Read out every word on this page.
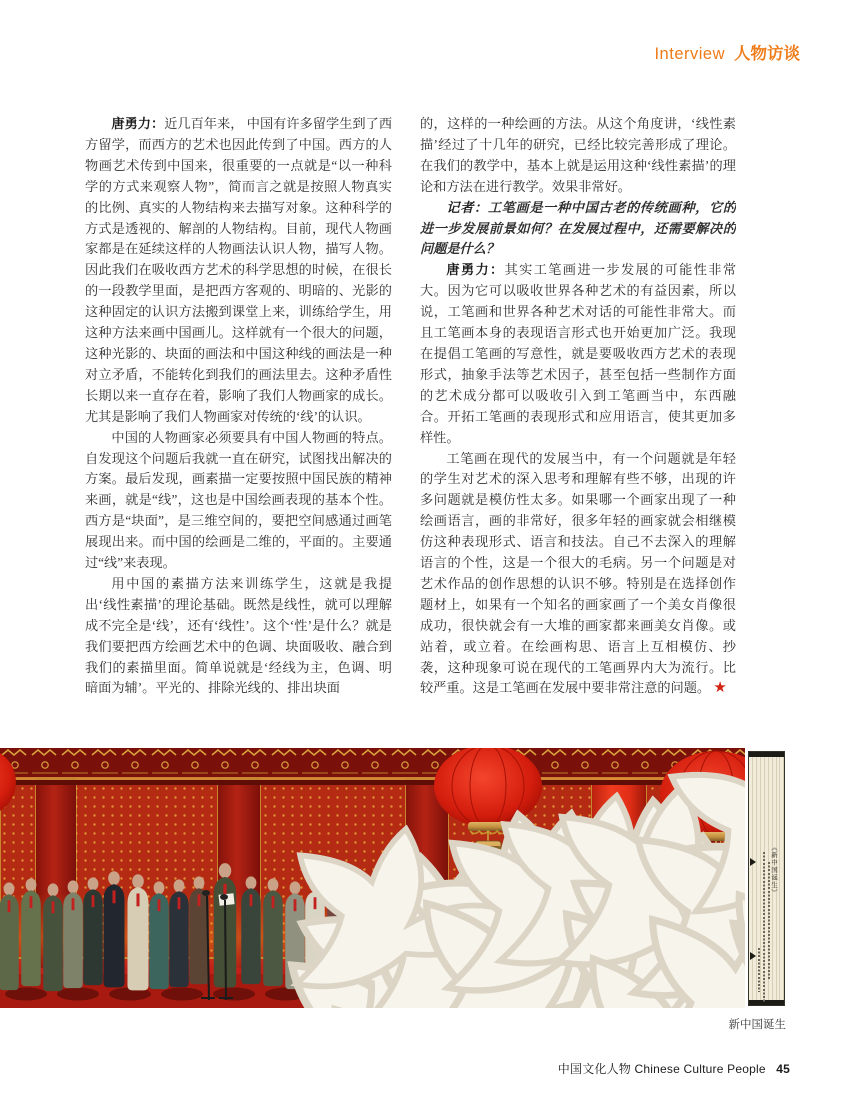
Interview 人物访谈

唐勇力：近几百年来， 中国有许多留学生到了西方留学，而西方的艺术也因此传到了中国。西方的人物画艺术传到中国来，很重要的一点就是“以一种科学的方式来观察人物”，简而言之就是按照人物真实的比例、真实的人物结构来去描写对象。这种科学的方式是透视的、解剖的人物结构。目前，现代人物画家都是在延续这样的人物画法认识人物，描写人物。因此我们在吸收西方艺术的科学思想的时候，在很长的一段教学里面，是把西方客观的、明暗的、光影的这种固定的认识方法搬到课堂上来，训练给学生，用这种方法来画中国画儿。这样就有一个很大的问题，这种光影的、块面的画法和中国这种线的画法是一种对立矛盾，不能转化到我们的画法里去。这种矛盾性长期以来一直存在着，影响了我们人物画家的成长。尤其是影响了我们人物画家对传统的‘线’的认识。

中国的人物画家必须要具有中国人物画的特点。自发现这个问题后我就一直在研究，试图找出解决的方案。最后发现，画素描一定要按照中国民族的精神来画，就是“线”，这也是中国绘画表现的基本个性。西方是“块面”，是三维空间的，要把空间感通过画笔展现出来。而中国的绘画是二维的，平面的。主要通过“线”来表现。

用中国的素描方法来训练学生，这就是我提出‘线性素描’的理论基础。既然是线性，就可以理解成不完全是‘线’，还有‘线性’。这个‘性’是什么？就是我们要把西方绘画艺术中的色调、块面吸收、融合到我们的素描里面。简单说就是‘经线为主，色调、明暗面为辅’。平光的、排除光线的、排出块面

的，这样的一种绘画的方法。从这个角度讲，‘线性素描’经过了十几年的研究，已经比较完善形成了理论。在我们的教学中，基本上就是运用这种‘线性素描’的理论和方法在进行教学。效果非常好。

记者：工笔画是一种中国古老的传统画种，它的进一步发展前景如何？在发展过程中，还需要解决的问题是什么？

唐勇力：其实工笔画进一步发展的可能性非常大。因为它可以吸收世界各种艺术的有益因素，所以说，工笔画和世界各种艺术对话的可能性非常大。而且工笔画本身的表现语言形式也开始更加广泛。我现在提倡工笔画的写意性，就是要吸收西方艺术的表现形式，抽象手法等艺术因子，甚至包括一些制作方面的艺术成分都可以吸收引入到工笔画当中，东西融合。开拓工笔画的表现形式和应用语言，使其更加多样性。

工笔画在现代的发展当中，有一个问题就是年轻的学生对艺术的深入思考和理解有些不够，出现的许多问题就是模仿性太多。如果哪一个画家出现了一种绘画语言，画的非常好，很多年轻的画家就会相继模仿这种表现形式、语言和技法。自己不去深入的理解语言的个性，这是一个很大的毛病。另一个问题是对艺术作品的创作思想的认识不够。特别是在选择创作题材上，如果有一个知名的画家画了一个美女肖像很成功，很快就会有一大堆的画家都来画美女肖像。或站着，或立着。在绘画构思、语言上互相模仿、抄袭，这种现象可说在现代的工笔画界内大为流行。比较严重。这是工笔画在发展中要非常注意的问题。 ★

《新中国诞生》
新中国诞生
中国文化人物 Chinese Culture People 45
